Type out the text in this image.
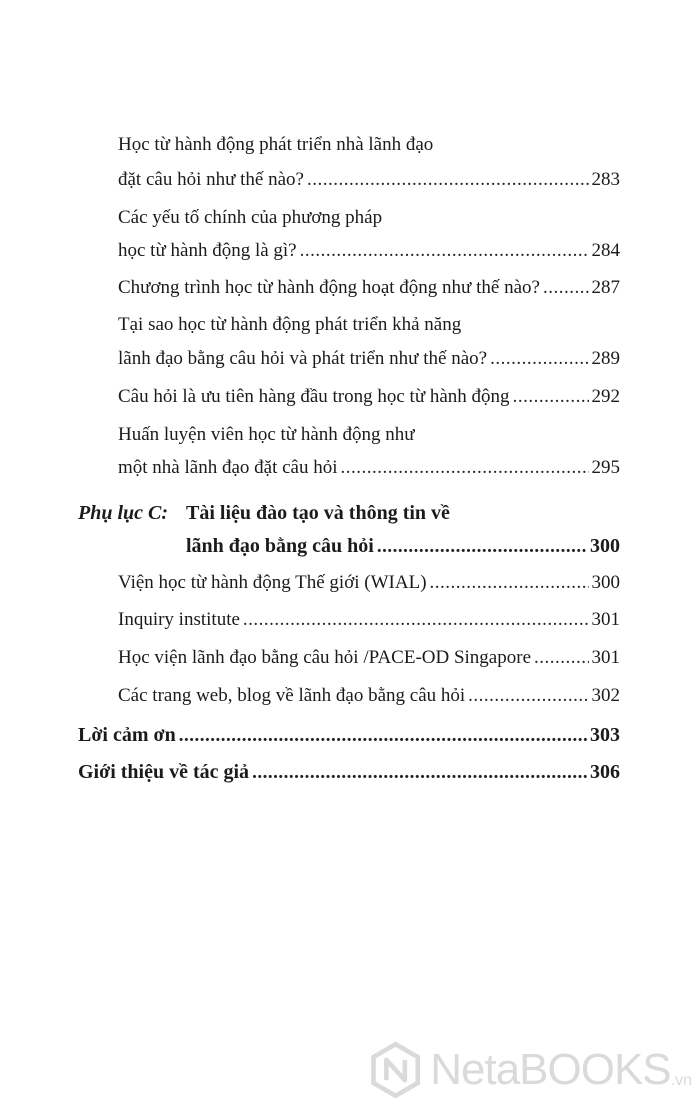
Học từ hành động phát triển nhà lãnh đạo
đặt câu hỏi như thế nào? .....	283
Các yếu tố chính của phương pháp
học từ hành động là gì? .....	284
Chương trình học từ hành động hoạt động như thế nào? .....	287
Tại sao học từ hành động phát triển khả năng
lãnh đạo bằng câu hỏi và phát triển như thế nào? .....	289
Câu hỏi là ưu tiên hàng đầu trong học từ hành động .....	292
Huấn luyện viên học từ hành động như
một nhà lãnh đạo đặt câu hỏi .....	295
Phụ lục C: Tài liệu đào tạo và thông tin về
lãnh đạo bằng câu hỏi .....	300
Viện học từ hành động Thế giới (WIAL) .....	300
Inquiry institute .....	301
Học viện lãnh đạo bằng câu hỏi /PACE-OD Singapore .....	301
Các trang web, blog về lãnh đạo bằng câu hỏi .....	302
Lời cảm ơn .....	303
Giới thiệu về tác giả .....	306
NetaBOOKS .vn
